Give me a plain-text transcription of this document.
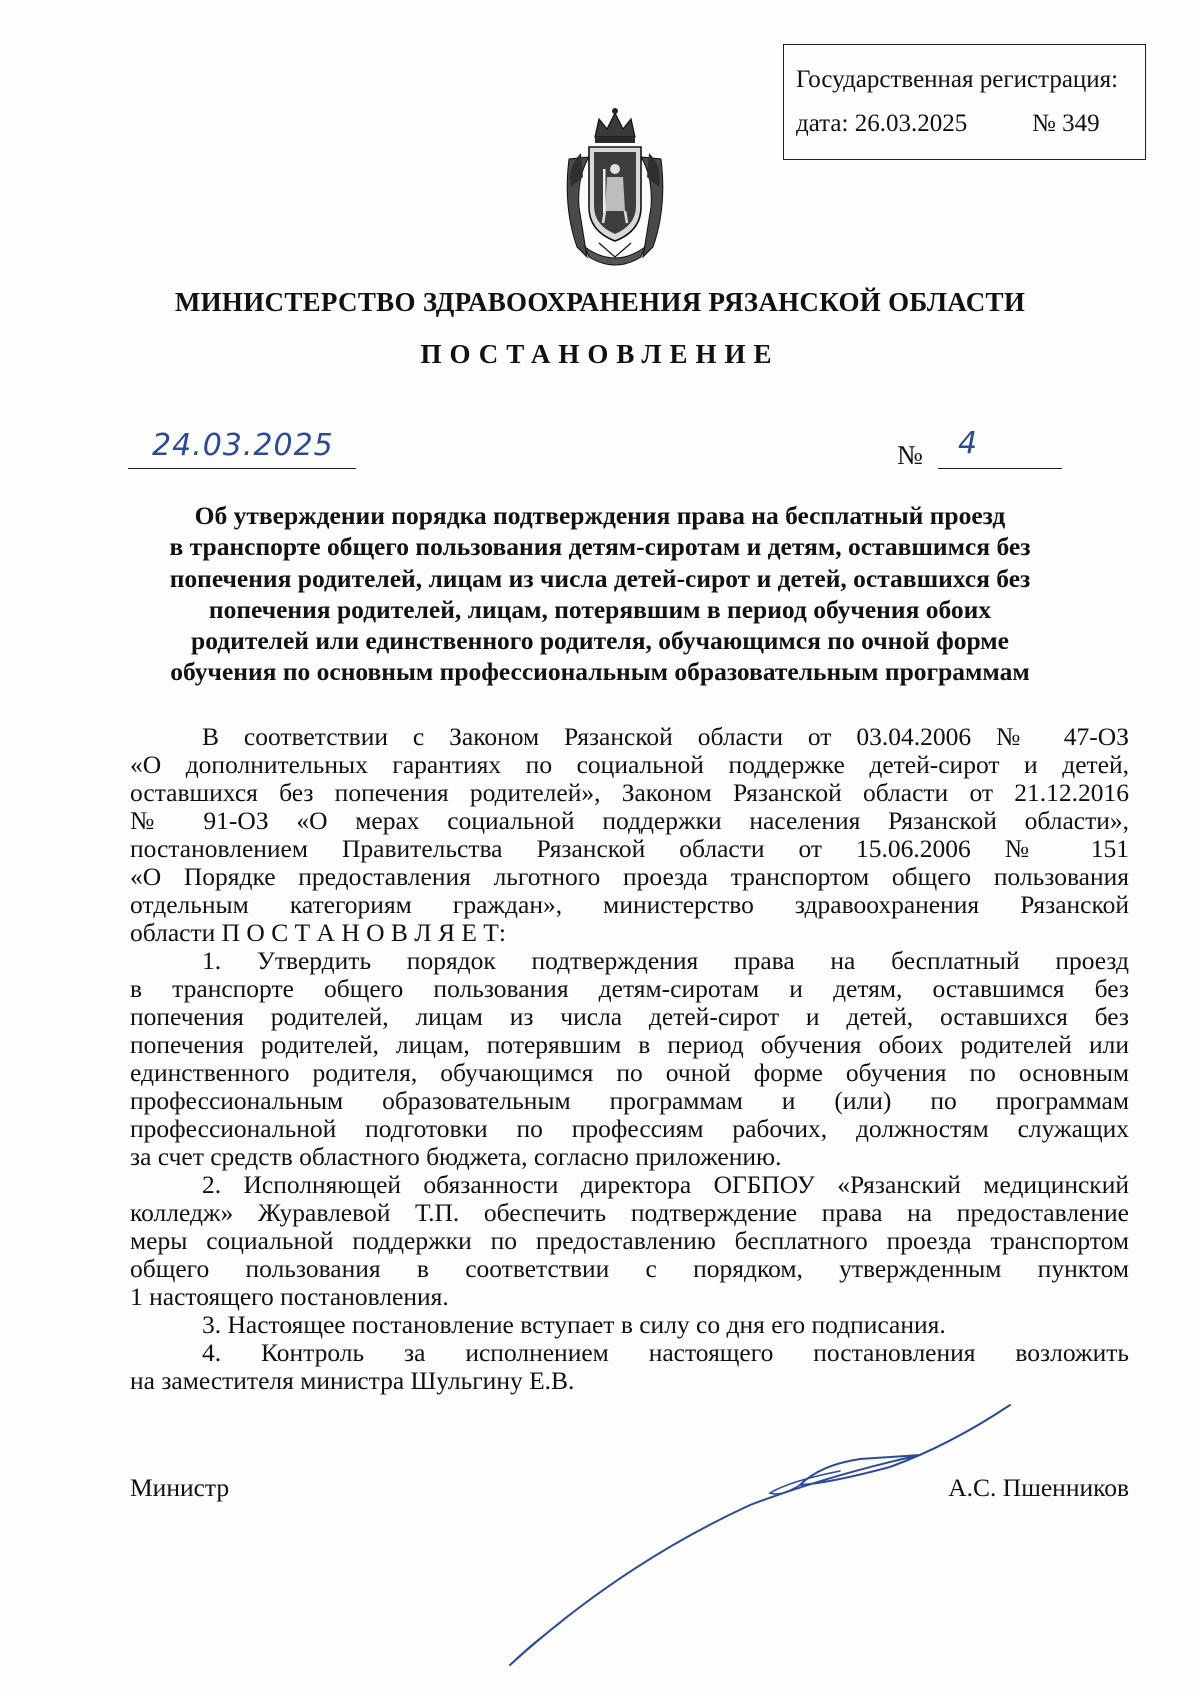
Государственная регистрация:
дата: 26.03.2025	№ 349
МИНИСТЕРСТВО ЗДРАВООХРАНЕНИЯ РЯЗАНСКОЙ ОБЛАСТИ
ПОСТАНОВЛЕНИЕ
24.03.2025	№ 4
Об утверждении порядка подтверждения права на бесплатный проезд
в транспорте общего пользования детям-сиротам и детям, оставшимся без
попечения родителей, лицам из числа детей-сирот и детей, оставшихся без
попечения родителей, лицам, потерявшим в период обучения обоих
родителей или единственного родителя, обучающимся по очной форме
обучения по основным профессиональным образовательным программам
В соответствии с Законом Рязанской области от 03.04.2006 № 47-ОЗ
«О дополнительных гарантиях по социальной поддержке детей-сирот и детей,
оставшихся без попечения родителей», Законом Рязанской области от 21.12.2016
№ 91-ОЗ «О мерах социальной поддержки населения Рязанской области»,
постановлением Правительства Рязанской области от 15.06.2006 № 151
«О Порядке предоставления льготного проезда транспортом общего пользования
отдельным категориям граждан», министерство здравоохранения Рязанской
области П О С Т А Н О В Л Я Е Т:
1. Утвердить порядок подтверждения права на бесплатный проезд
в транспорте общего пользования детям-сиротам и детям, оставшимся без
попечения родителей, лицам из числа детей-сирот и детей, оставшихся без
попечения родителей, лицам, потерявшим в период обучения обоих родителей или
единственного родителя, обучающимся по очной форме обучения по основным
профессиональным образовательным программам и (или) по программам
профессиональной подготовки по профессиям рабочих, должностям служащих
за счет средств областного бюджета, согласно приложению.
2. Исполняющей обязанности директора ОГБПОУ «Рязанский медицинский
колледж» Журавлевой Т.П. обеспечить подтверждение права на предоставление
меры социальной поддержки по предоставлению бесплатного проезда транспортом
общего пользования в соответствии с порядком, утвержденным пунктом
1 настоящего постановления.
3. Настоящее постановление вступает в силу со дня его подписания.
4. Контроль за исполнением настоящего постановления возложить
на заместителя министра Шульгину Е.В.
Министр	А.С. Пшенников
